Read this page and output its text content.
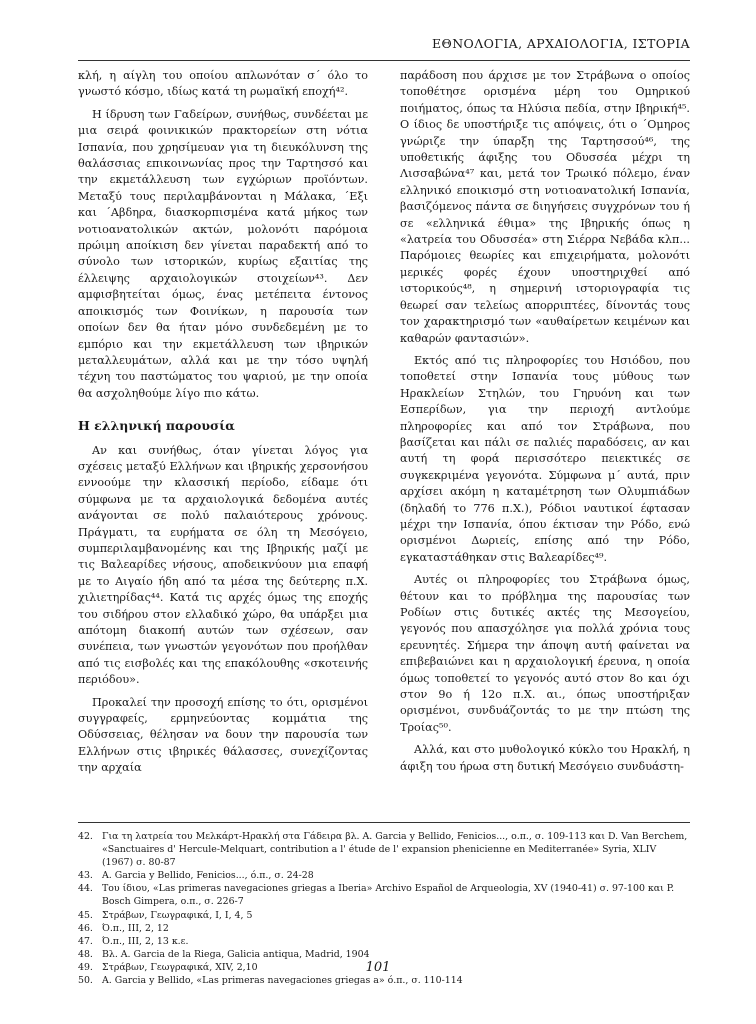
ΕΘΝΟΛΟΓΙΑ, ΑΡΧΑΙΟΛΟΓΙΑ, ΙΣΤΟΡΙΑ

κλή, η αίγλη του οποίου απλωνόταν σ΄ όλο το γνωστό κόσμο, ιδίως κατά τη ρωμαϊκή εποχή⁴².

Η ίδρυση των Γαδείρων, συνήθως, συνδέεται με μια σειρά φοινικικών πρακτορείων στη νότια Ισπανία, που χρησίμευαν για τη διευκόλυνση της θαλάσσιας επικοινωνίας προς την Ταρτησσό και την εκμετάλλευση των εγχώριων προϊόντων. Μεταξύ τους περιλαμβάνονται η Μάλακα, ΄Εξι και ΄Αβδηρα, διασκορπισμένα κατά μήκος των νοτιοανατολικών ακτών, μολονότι παρόμοια πρώιμη αποίκιση δεν γίνεται παραδεκτή από το σύνολο των ιστορικών, κυρίως εξαιτίας της έλλειψης αρχαιολογικών στοιχείων⁴³. Δεν αμφισβητείται όμως, ένας μετέπειτα έντονος αποικισμός των Φοινίκων, η παρουσία των οποίων δεν θα ήταν μόνο συνδεδεμένη με το εμπόριο και την εκμετάλλευση των ιβηρικών μεταλλευμάτων, αλλά και με την τόσο υψηλή τέχνη του παστώματος του ψαριού, με την οποία θα ασχοληθούμε λίγο πιο κάτω.

Η ελληνική παρουσία

Αν και συνήθως, όταν γίνεται λόγος για σχέσεις μεταξύ Ελλήνων και ιβηρικής χερσονήσου εννοούμε την κλασσική περίοδο, είδαμε ότι σύμφωνα με τα αρχαιολογικά δεδομένα αυτές ανάγονται σε πολύ παλαιότερους χρόνους. Πράγματι, τα ευρήματα σε όλη τη Μεσόγειο, συμπεριλαμβανομένης και της Ιβηρικής μαζί με τις Βαλεαρίδες νήσους, αποδεικνύουν μια επαφή με το Αιγαίο ήδη από τα μέσα της δεύτερης π.Χ. χιλιετηρίδας⁴⁴. Κατά τις αρχές όμως της εποχής του σιδήρου στον ελλαδικό χώρο, θα υπάρξει μια απότομη διακοπή αυτών των σχέσεων, σαν συνέπεια, των γνωστών γεγονότων που προήλθαν από τις εισβολές και της επακόλουθης «σκοτεινής περιόδου».

Προκαλεί την προσοχή επίσης το ότι, ορισμένοι συγγραφείς, ερμηνεύοντας κομμάτια της Οδύσσειας, θέλησαν να δουν την παρουσία των Ελλήνων στις ιβηρικές θάλασσες, συνεχίζοντας την αρχαία

παράδοση που άρχισε με τον Στράβωνα ο οποίος τοποθέτησε ορισμένα μέρη του Ομηρικού ποιήματος, όπως τα Ηλύσια πεδία, στην Ιβηρική⁴⁵. Ο ίδιος δε υποστήριξε τις απόψεις, ότι ο ΄Ομηρος γνώριζε την ύπαρξη της Ταρτησσού⁴⁶, της υποθετικής άφιξης του Οδυσσέα μέχρι τη Λισσαβώνα⁴⁷ και, μετά τον Τρωικό πόλεμο, έναν ελληνικό εποικισμό στη νοτιοανατολική Ισπανία, βασιζόμενος πάντα σε διηγήσεις συγχρόνων του ή σε «ελληνικά έθιμα» της Ιβηρικής όπως η «λατρεία του Οδυσσέα» στη Σιέρρα Νεβάδα κλπ... Παρόμοιες θεωρίες και επιχειρήματα, μολονότι μερικές φορές έχουν υποστηριχθεί από ιστορικούς⁴⁸, η σημερινή ιστοριογραφία τις θεωρεί σαν τελείως απορριπτέες, δίνοντάς τους τον χαρακτηρισμό των «αυθαίρετων κειμένων και καθαρών φαντασιών».

Εκτός από τις πληροφορίες του Ησιόδου, που τοποθετεί στην Ισπανία τους μύθους των Ηρακλείων Στηλών, του Γηρυόνη και των Εσπερίδων, για την περιοχή αντλούμε πληροφορίες και από τον Στράβωνα, που βασίζεται και πάλι σε παλιές παραδόσεις, αν και αυτή τη φορά περισσότερο πειεκτικές σε συγκεκριμένα γεγονότα. Σύμφωνα μ΄ αυτά, πριν αρχίσει ακόμη η καταμέτρηση των Ολυμπιάδων (δηλαδή το 776 π.Χ.), Ρόδιοι ναυτικοί έφτασαν μέχρι την Ισπανία, όπου έκτισαν την Ρόδο, ενώ ορισμένοι Δωριείς, επίσης από την Ρόδο, εγκαταστάθηκαν στις Βαλεαρίδες⁴⁹.

Αυτές οι πληροφορίες του Στράβωνα όμως, θέτουν και το πρόβλημα της παρουσίας των Ροδίων στις δυτικές ακτές της Μεσογείου, γεγονός που απασχόλησε για πολλά χρόνια τους ερευνητές. Σήμερα την άποψη αυτή φαίνεται να επιβεβαιώνει και η αρχαιολογική έρευνα, η οποία όμως τοποθετεί το γεγονός αυτό στον 8ο και όχι στον 9ο ή 12ο π.Χ. αι., όπως υποστήριξαν ορισμένοι, συνδυάζοντάς το με την πτώση της Τροίας⁵⁰.

Αλλά, και στο μυθολογικό κύκλο του Ηρακλή, η άφιξη του ήρωα στη δυτική Μεσόγειο συνδυάστη-

42. Για τη λατρεία του Μελκάρτ-Ηρακλή στα Γάδειρα βλ. A. Garcia y Bellido, Fenicios..., ο.π., σ. 109-113 και D. Van Berchem, «Sanctuaires d' Hercule-Melquart, contribution a l' étude de l' expansion phenicienne en Mediterranée» Syria, XLIV (1967) σ. 80-87
43. A. Garcia y Bellido, Fenicios..., ό.π., σ. 24-28
44. Του ίδιου, «Las primeras navegaciones griegas a Iberia» Archivo Español de Arqueologia, XV (1940-41) σ. 97-100 και P. Bosch Gimpera, ο.π., σ. 226-7
45. Στράβων, Γεωγραφικά, I, I, 4, 5
46. Ό.π., III, 2, 12
47. Ό.π., III, 2, 13 κ.ε.
48. Βλ. A. Garcia de la Riega, Galicia antiqua, Madrid, 1904
49. Στράβων, Γεωγραφικά, XIV, 2,10
50. A. Garcia y Bellido, «Las primeras navegaciones griegas a» ό.π., σ. 110-114
101
